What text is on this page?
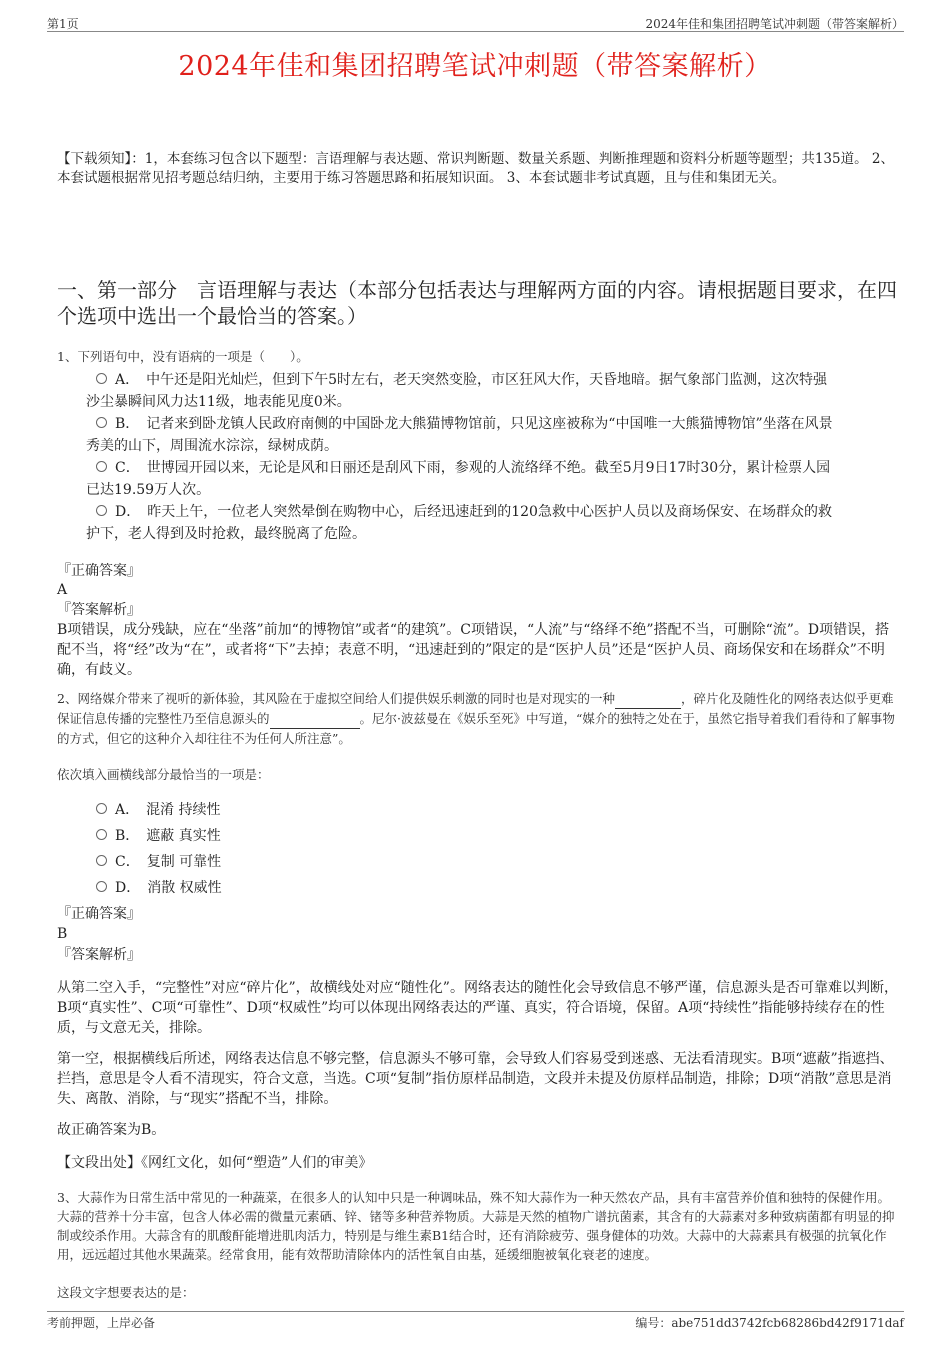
第1页	2024年佳和集团招聘笔试冲刺题（带答案解析）
2024年佳和集团招聘笔试冲刺题（带答案解析）
【下载须知】：1，本套练习包含以下题型：言语理解与表达题、常识判断题、数量关系题、判断推理题和资料分析题等题型；共135道。 2、本套试题根据常见招考题总结归纳，主要用于练习答题思路和拓展知识面。 3、本套试题非考试真题，且与佳和集团无关。
一、第一部分　言语理解与表达（本部分包括表达与理解两方面的内容。请根据题目要求，在四个选项中选出一个最恰当的答案。）
1、下列语句中，没有语病的一项是（　　）。
A．　中午还是阳光灿烂，但到下午5时左右，老天突然变脸，市区狂风大作，天昏地暗。据气象部门监测，这次特强
沙尘暴瞬间风力达11级，地表能见度0米。
B．　记者来到卧龙镇人民政府南侧的中国卧龙大熊猫博物馆前，只见这座被称为“中国唯一大熊猫博物馆”坐落在风景
秀美的山下，周围流水淙淙，绿树成荫。
C．　世博园开园以来，无论是风和日丽还是刮风下雨，参观的人流络绎不绝。截至5月9日17时30分，累计检票人园
已达19.59万人次。
D．　昨天上午，一位老人突然晕倒在购物中心，后经迅速赶到的120急救中心医护人员以及商场保安、在场群众的救
护下，老人得到及时抢救，最终脱离了危险。
『正确答案』
A
『答案解析』
B项错误，成分残缺，应在“坐落”前加“的博物馆”或者“的建筑”。C项错误，“人流”与“络绎不绝”搭配不当，可删除“流”。D项错误，搭配不当，将“经”改为“在”，或者将“下”去掉；表意不明，“迅速赶到的”限定的是“医护人员”还是“医护人员、商场保安和在场群众”不明确，有歧义。
2、网络媒介带来了视听的新体验，其风险在于虚拟空间给人们提供娱乐刺激的同时也是对现实的一种	，碎片化及随性化的网络表达似乎更难保证信息传播的完整性乃至信息源头的	。尼尔·波兹曼在《娱乐至死》中写道，“媒介的独特之处在于，虽然它指导着我们看待和了解事物的方式，但它的这种介入却往往不为任何人所注意”。
依次填入画横线部分最恰当的一项是：
A．　混淆 持续性
B．　遮蔽 真实性
C．　复制 可靠性
D．　消散 权威性
『正确答案』
B
『答案解析』
从第二空入手，“完整性”对应“碎片化”，故横线处对应“随性化”。网络表达的随性化会导致信息不够严谨，信息源头是否可靠难以判断，B项“真实性”、C项“可靠性”、D项“权威性”均可以体现出网络表达的严谨、真实，符合语境，保留。A项“持续性”指能够持续存在的性质，与文意无关，排除。
第一空，根据横线后所述，网络表达信息不够完整，信息源头不够可靠，会导致人们容易受到迷惑、无法看清现实。B项“遮蔽”指遮挡、拦挡，意思是令人看不清现实，符合文意，当选。C项“复制”指仿原样品制造，文段并未提及仿原样品制造，排除；D项“消散”意思是消失、离散、消除，与“现实”搭配不当，排除。
故正确答案为B。
【文段出处】《网红文化，如何“塑造”人们的审美》
3、大蒜作为日常生活中常见的一种蔬菜，在很多人的认知中只是一种调味品，殊不知大蒜作为一种天然农产品，具有丰富营养价值和独特的保健作用。大蒜的营养十分丰富，包含人体必需的微量元素硒、锌、锗等多种营养物质。大蒜是天然的植物广谱抗菌素，其含有的大蒜素对多种致病菌都有明显的抑制或绞杀作用。大蒜含有的肌酸酐能增进肌肉活力，特别是与维生素B1结合时，还有消除疲劳、强身健体的功效。大蒜中的大蒜素具有极强的抗氧化作用，远远超过其他水果蔬菜。经常食用，能有效帮助清除体内的活性氧自由基，延缓细胞被氧化衰老的速度。
这段文字想要表达的是：
考前押题，上岸必备	编号：abe751dd3742fcb68286bd42f9171daf
